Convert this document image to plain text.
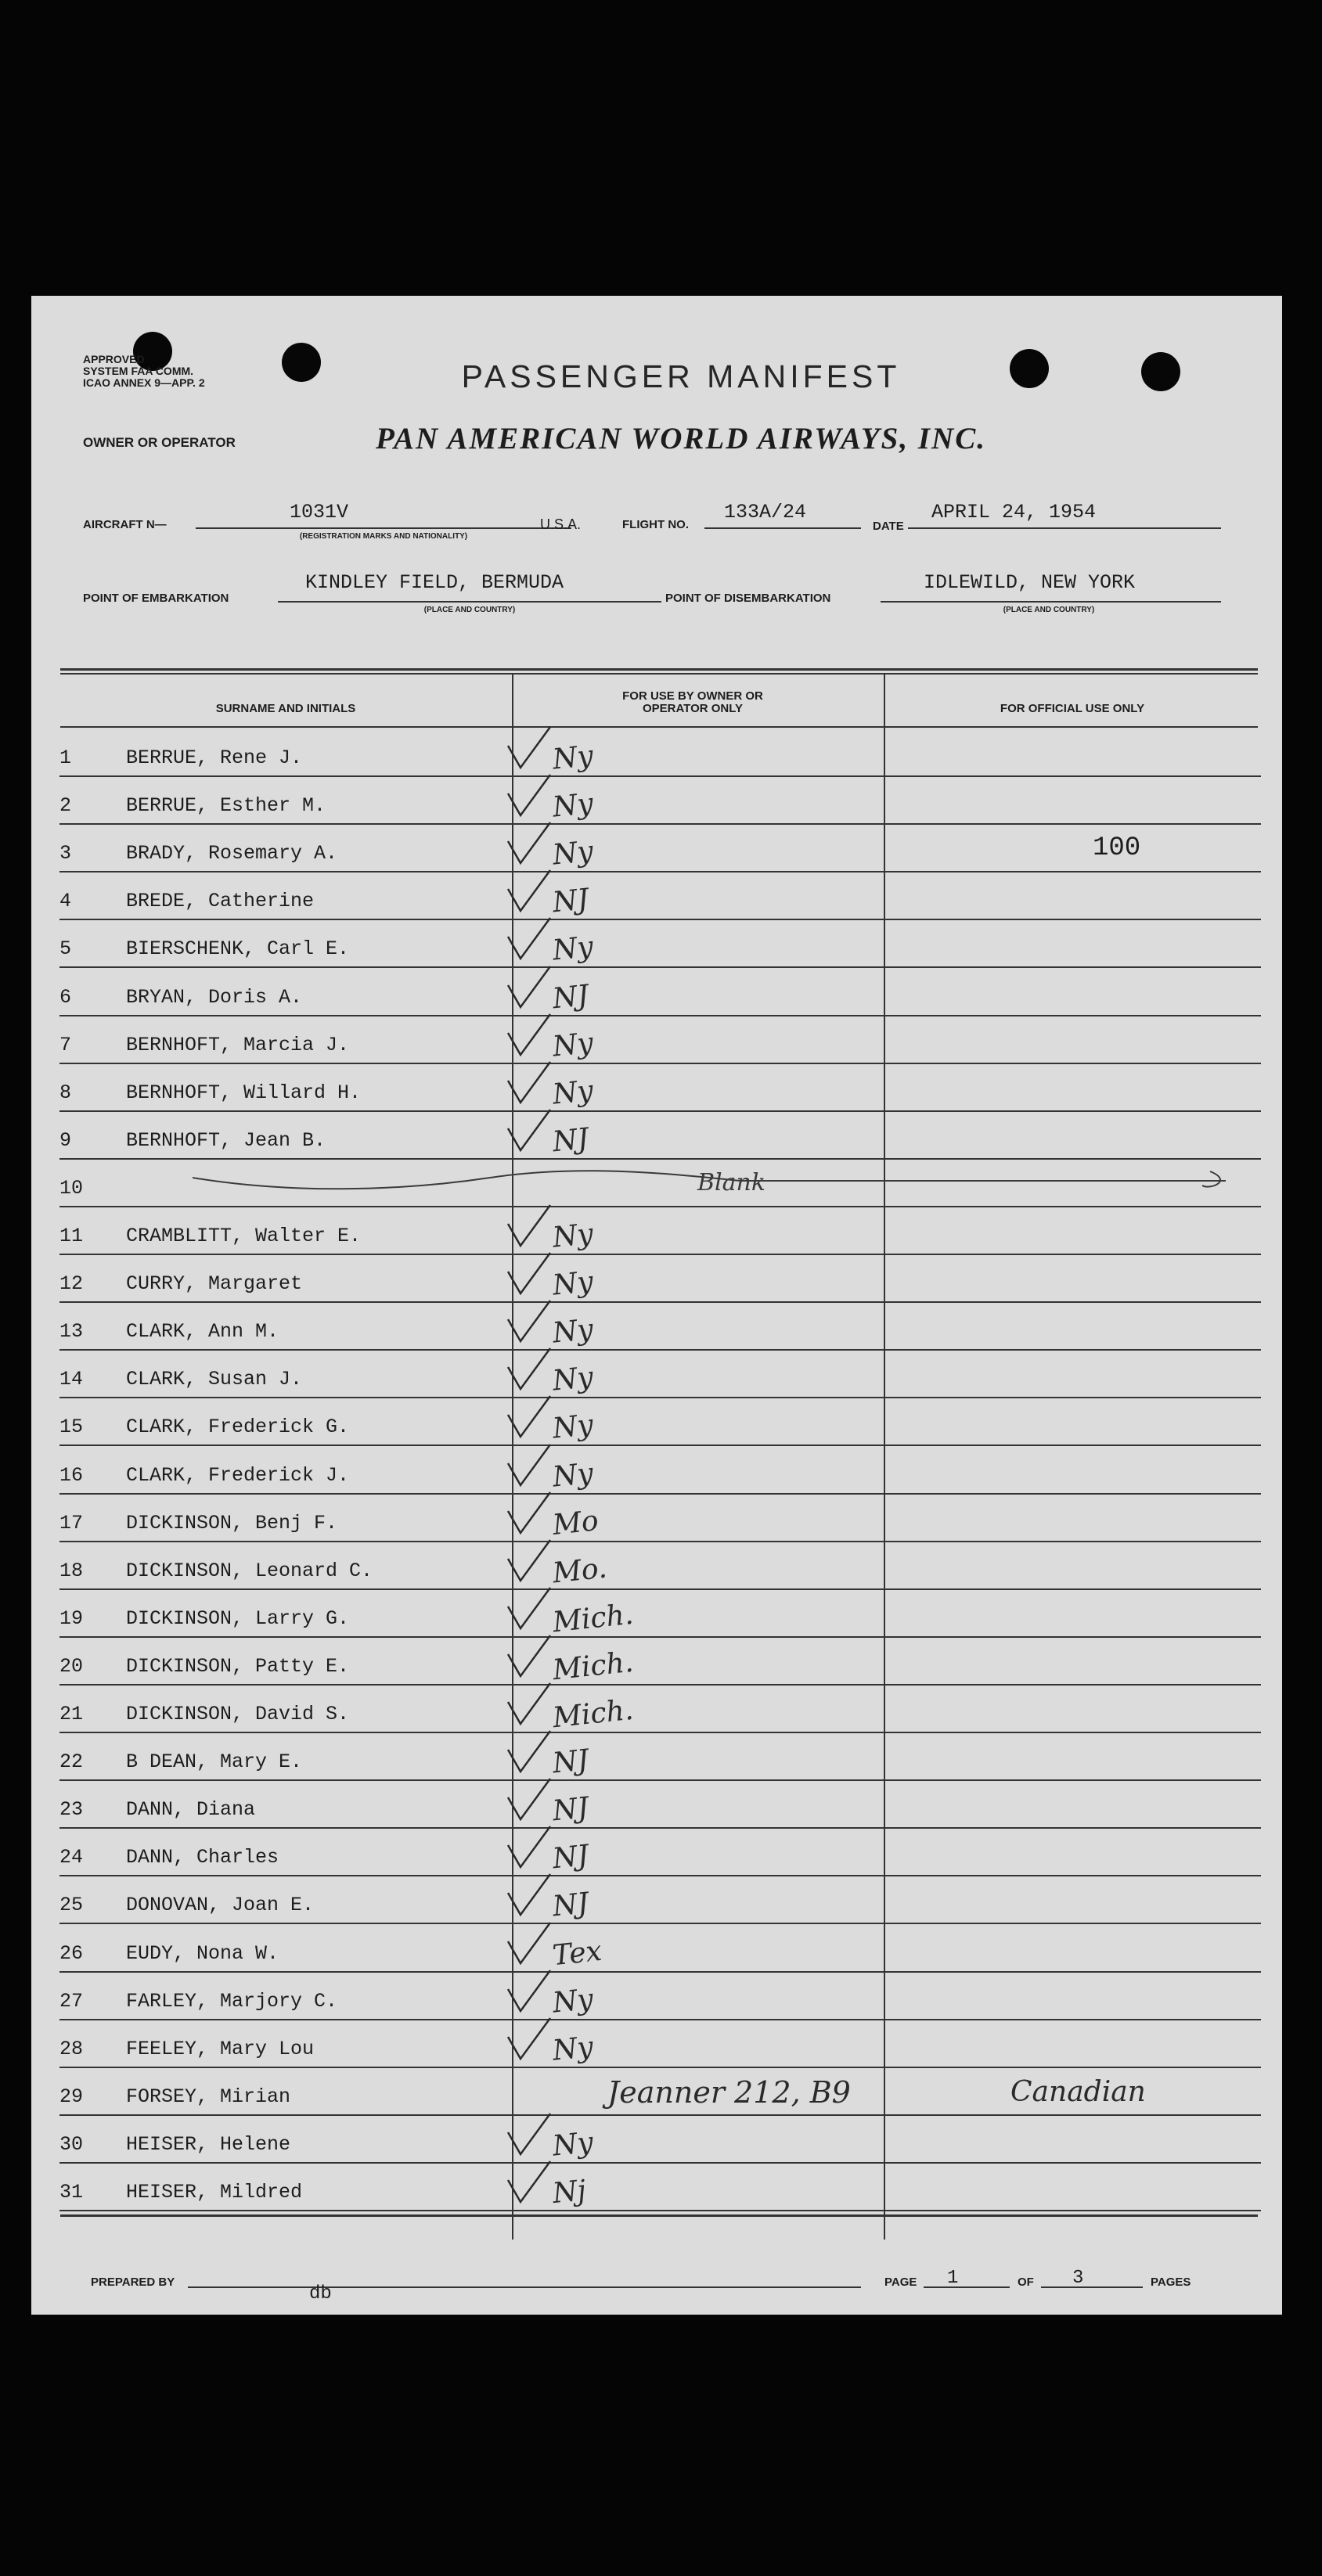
APPROVED
SYSTEM FAA COMM.
ICAO ANNEX 9—APP. 2	PASSENGER MANIFEST
OWNER OR OPERATOR	PAN AMERICAN WORLD AIRWAYS, INC.
AIRCRAFT N—
1031V
(REGISTRATION MARKS AND NATIONALITY)
U.S.A.	FLIGHT NO.
133A/24
DATE
APRIL 24, 1954
POINT OF EMBARKATION
KINDLEY FIELD, BERMUDA
(PLACE AND COUNTRY)
POINT OF DISEMBARKATION
IDLEWILD, NEW YORK
(PLACE AND COUNTRY)
SURNAME AND INITIALS
FOR USE BY OWNER OR OPERATOR ONLY	FOR OFFICIAL USE ONLY
1	BERRUE, Rene J.	Ny
2	BERRUE, Esther M.	Ny
3	BRADY, Rosemary A.	Ny	100
4	BREDE, Catherine	NJ
5	BIERSCHENK, Carl E.	Ny
6	BRYAN, Doris A.	NJ
7	BERNHOFT, Marcia J.	Ny
8	BERNHOFT, Willard H.	Ny
9	BERNHOFT, Jean B.	NJ
10	Blank
11	CRAMBLITT, Walter E.	Ny
12	CURRY, Margaret	Ny
13	CLARK, Ann M.	Ny
14	CLARK, Susan J.	Ny
15	CLARK, Frederick G.	Ny
16	CLARK, Frederick J.	Ny
17	DICKINSON, Benj F.	Mo
18	DICKINSON, Leonard C.	Mo.
19	DICKINSON, Larry G.	Mich.
20	DICKINSON, Patty E.	Mich.
21	DICKINSON, David S.	Mich.
22	B DEAN, Mary E.	NJ
23	DANN, Diana	NJ
24	DANN, Charles	NJ
25	DONOVAN, Joan E.	NJ
26	EUDY, Nona W.	Tex
27	FARLEY, Marjory C.	Ny
28	FEELEY, Mary Lou	Ny
29	FORSEY, Mirian	Jeanner 212, B9	Canadian
30	HEISER, Helene	Ny
31	HEISER, Mildred	Nj
PREPARED BY
db
PAGE 1	OF 3	PAGES
